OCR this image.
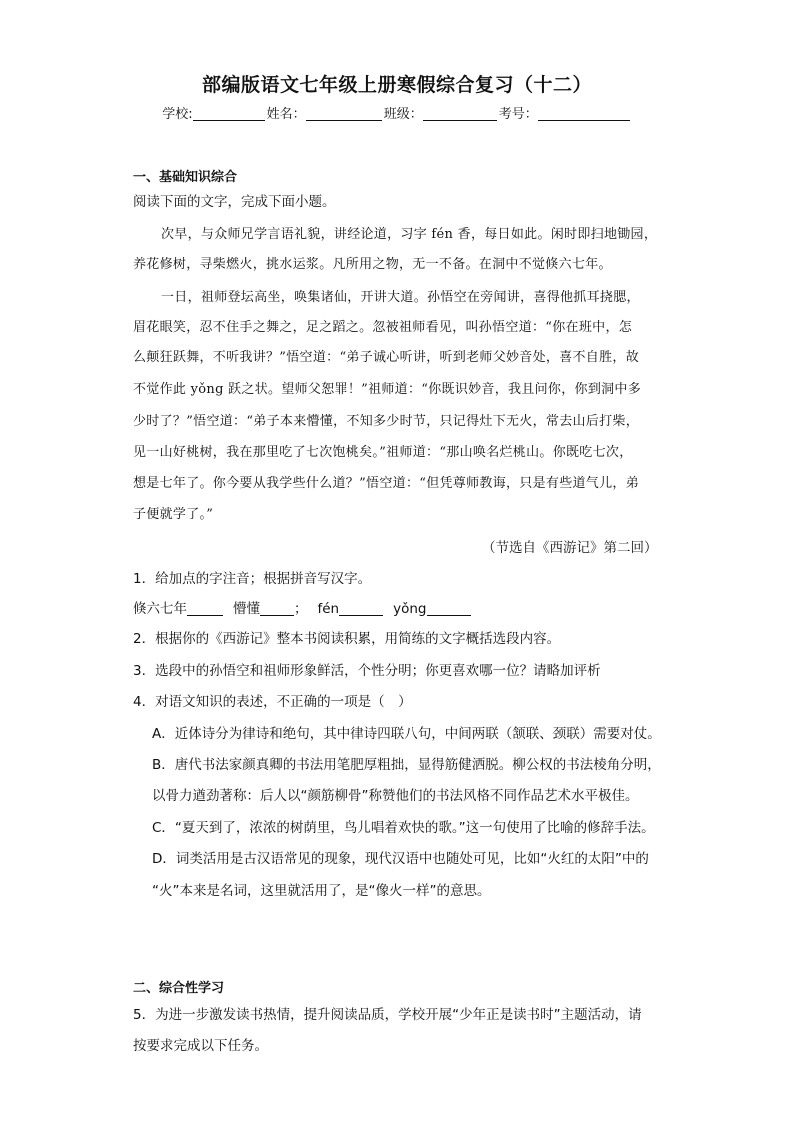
部编版语文七年级上册寒假综合复习（十二）
学校:	姓名：	班级：	考号：
一、基础知识综合
阅读下面的文字，完成下面小题。
次早，与众师兄学言语礼貌，讲经论道，习字 fén 香，每日如此。闲时即扫地锄园，
养花修树，寻柴燃火，挑水运浆。凡所用之物，无一不备。在洞中不觉倏六七年。
一日，祖师登坛高坐，唤集诸仙，开讲大道。孙悟空在旁闻讲，喜得他抓耳挠腮，
眉花眼笑，忍不住手之舞之，足之蹈之。忽被祖师看见，叫孙悟空道：“你在班中，怎
么颠狂跃舞，不听我讲？”悟空道：“弟子诚心听讲，听到老师父妙音处，喜不自胜，故
不觉作此 yǒng 跃之状。望师父恕罪！”祖师道：“你既识妙音，我且问你，你到洞中多
少时了？”悟空道：“弟子本来懵懂，不知多少时节，只记得灶下无火，常去山后打柴，
见一山好桃树，我在那里吃了七次饱桃矣。”祖师道：“那山唤名烂桃山。你既吃七次，
想是七年了。你今要从我学些什么道？”悟空道：“但凭尊师教诲，只是有些道气儿，弟
子便就学了。”
（节选自《西游记》第二回）
1．给加点的字注音；根据拼音写汉字。
倏六七年	懵懂	； fén	yǒng
2．根据你的《西游记》整本书阅读积累，用简练的文字概括选段内容。
3．选段中的孙悟空和祖师形象鲜活，个性分明；你更喜欢哪一位？请略加评析
4．对语文知识的表述，不正确的一项是（　）
A．近体诗分为律诗和绝句，其中律诗四联八句，中间两联（颔联、颈联）需要对仗。
B．唐代书法家颜真卿的书法用笔肥厚粗拙，显得筋健洒脱。柳公权的书法棱角分明，
以骨力遒劲著称：后人以“颜筋柳骨”称赞他们的书法风格不同作品艺术水平极佳。
C．“夏天到了，浓浓的树荫里，鸟儿唱着欢快的歌。”这一句使用了比喻的修辞手法。
D．词类活用是古汉语常见的现象，现代汉语中也随处可见，比如“火红的太阳”中的
“火”本来是名词，这里就活用了，是“像火一样”的意思。
二、综合性学习
5．为进一步激发读书热情，提升阅读品质，学校开展“少年正是读书时”主题活动，请
按要求完成以下任务。
